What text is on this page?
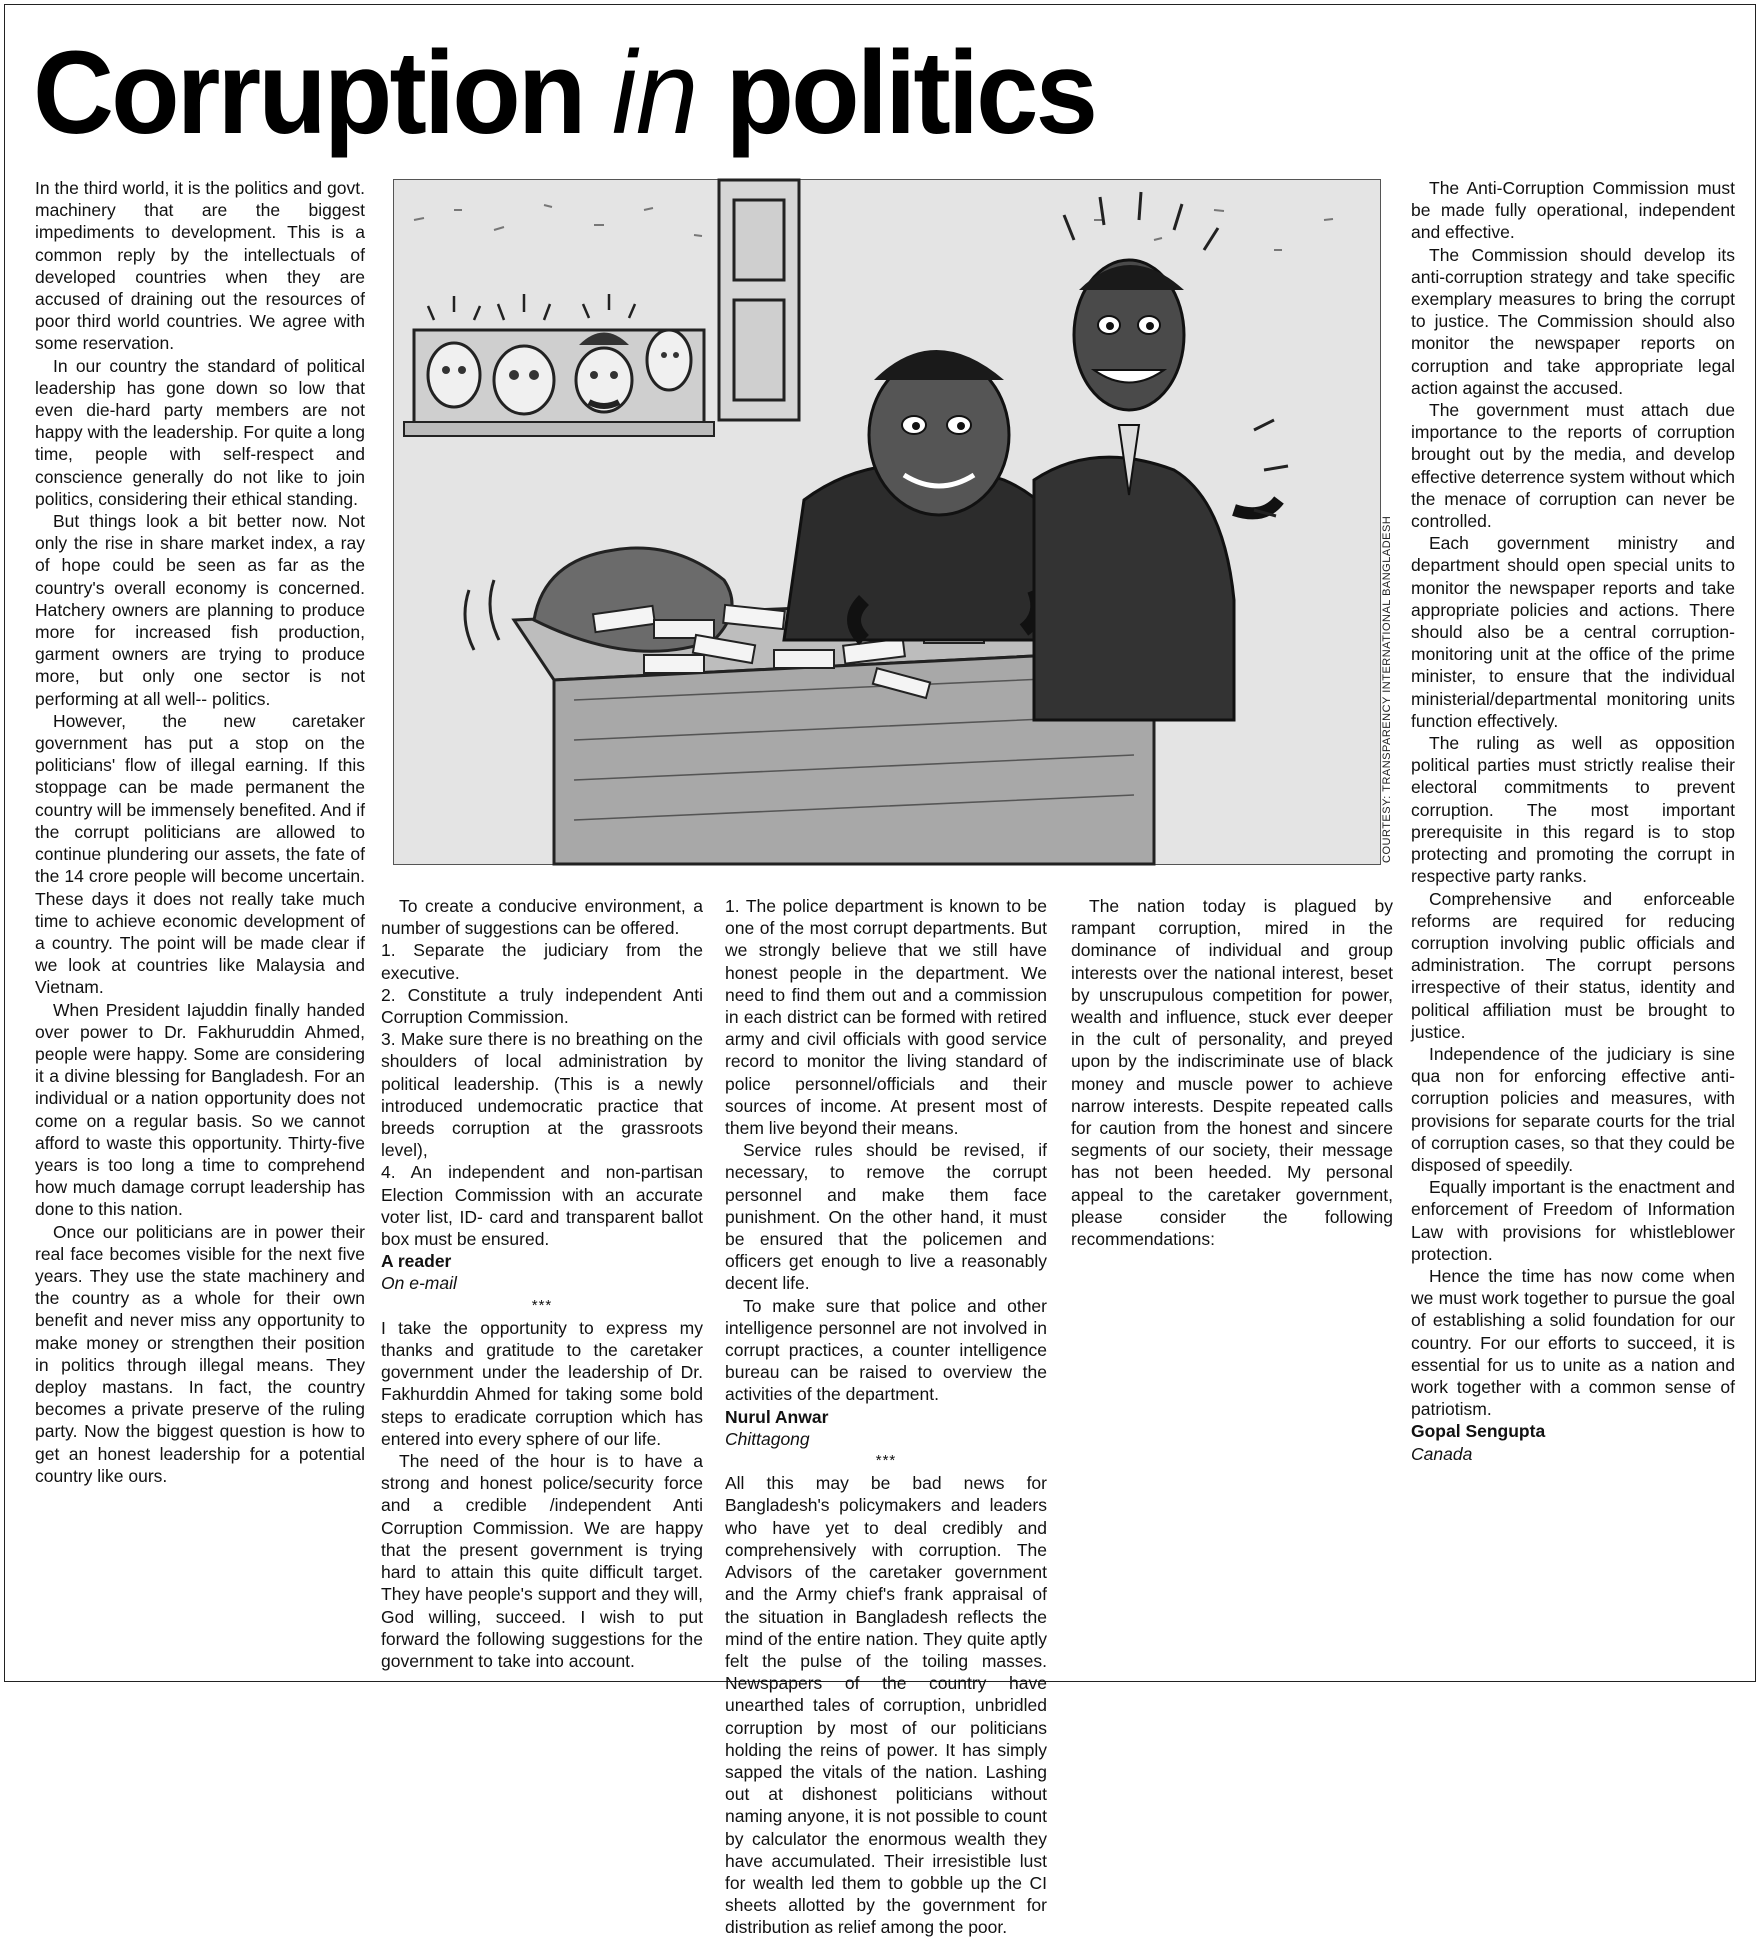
Corruption in politics

In the third world, it is the politics and govt. machinery that are the biggest impediments to development. This is a common reply by the intellectuals of developed countries when they are accused of draining out the resources of poor third world countries. We agree with some reservation.

In our country the standard of political leadership has gone down so low that even die-hard party members are not happy with the leadership. For quite a long time, people with self-respect and conscience generally do not like to join politics, considering their ethical standing.

But things look a bit better now. Not only the rise in share market index, a ray of hope could be seen as far as the country's overall economy is concerned. Hatchery owners are planning to produce more for increased fish production, garment owners are trying to produce more, but only one sector is not performing at all well-- politics.

However, the new caretaker government has put a stop on the politicians' flow of illegal earning. If this stoppage can be made permanent the country will be immensely benefited. And if the corrupt politicians are allowed to continue plundering our assets, the fate of the 14 crore people will become uncertain. These days it does not really take much time to achieve economic development of a country. The point will be made clear if we look at countries like Malaysia and Vietnam.

When President Iajuddin finally handed over power to Dr. Fakhuruddin Ahmed, people were happy. Some are considering it a divine blessing for Bangladesh. For an individual or a nation opportunity does not come on a regular basis. So we cannot afford to waste this opportunity. Thirty-five years is too long a time to comprehend how much damage corrupt leadership has done to this nation.

Once our politicians are in power their real face becomes visible for the next five years. They use the state machinery and the country as a whole for their own benefit and never miss any opportunity to make money or strengthen their position in politics through illegal means. They deploy mastans. In fact, the country becomes a private preserve of the ruling party. Now the biggest question is how to get an honest leadership for a potential country like ours.

COURTESY: TRANSPARENCY INTERNATIONAL BANGLADESH

To create a conducive environment, a number of suggestions can be offered.

1. Separate the judiciary from the executive.

2. Constitute a truly independent Anti Corruption Commission.

3. Make sure there is no breathing on the shoulders of local administration by political leadership. (This is a newly introduced undemocratic practice that breeds corruption at the grassroots level),

4. An independent and non-partisan Election Commission with an accurate voter list, ID- card and transparent ballot box must be ensured.

A reader

On e-mail

***

I take the opportunity to express my thanks and gratitude to the caretaker government under the leadership of Dr. Fakhurddin Ahmed for taking some bold steps to eradicate corruption which has entered into every sphere of our life.

The need of the hour is to have a strong and honest police/security force and a credible /independent Anti Corruption Commission. We are happy that the present government is trying hard to attain this quite difficult target. They have people's support and they will, God willing, succeed. I wish to put forward the following suggestions for the government to take into account.

1. The police department is known to be one of the most corrupt departments. But we strongly believe that we still have honest people in the department. We need to find them out and a commission in each district can be formed with retired army and civil officials with good service record to monitor the living standard of police personnel/officials and their sources of income. At present most of them live beyond their means.

Service rules should be revised, if necessary, to remove the corrupt personnel and make them face punishment. On the other hand, it must be ensured that the policemen and officers get enough to live a reasonably decent life.

To make sure that police and other intelligence personnel are not involved in corrupt practices, a counter intelligence bureau can be raised to overview the activities of the department.

Nurul Anwar

Chittagong

***

All this may be bad news for Bangladesh's policymakers and leaders who have yet to deal credibly and comprehensively with corruption. The Advisors of the caretaker government and the Army chief's frank appraisal of the situation in Bangladesh reflects the mind of the entire nation. They quite aptly felt the pulse of the toiling masses. Newspapers of the country have unearthed tales of corruption, unbridled corruption by most of our politicians holding the reins of power. It has simply sapped the vitals of the nation. Lashing out at dishonest politicians without naming anyone, it is not possible to count by calculator the enormous wealth they have accumulated. Their irresistible lust for wealth led them to gobble up the CI sheets allotted by the government for distribution as relief among the poor.

The nation today is plagued by rampant corruption, mired in the dominance of individual and group interests over the national interest, beset by unscrupulous competition for power, wealth and influence, stuck ever deeper in the cult of personality, and preyed upon by the indiscriminate use of black money and muscle power to achieve narrow interests. Despite repeated calls for caution from the honest and sincere segments of our society, their message has not been heeded. My personal appeal to the caretaker government, please consider the following recommendations:

The Anti-Corruption Commission must be made fully operational, independent and effective.

The Commission should develop its anti-corruption strategy and take specific exemplary measures to bring the corrupt to justice. The Commission should also monitor the newspaper reports on corruption and take appropriate legal action against the accused.

The government must attach due importance to the reports of corruption brought out by the media, and develop effective deterrence system without which the menace of corruption can never be controlled.

Each government ministry and department should open special units to monitor the newspaper reports and take appropriate policies and actions. There should also be a central corruption-monitoring unit at the office of the prime minister, to ensure that the individual ministerial/departmental monitoring units function effectively.

The ruling as well as opposition political parties must strictly realise their electoral commitments to prevent corruption. The most important prerequisite in this regard is to stop protecting and promoting the corrupt in respective party ranks.

Comprehensive and enforceable reforms are required for reducing corruption involving public officials and administration. The corrupt persons irrespective of their status, identity and political affiliation must be brought to justice.

Independence of the judiciary is sine qua non for enforcing effective anti-corruption policies and measures, with provisions for separate courts for the trial of corruption cases, so that they could be disposed of speedily.

Equally important is the enactment and enforcement of Freedom of Information Law with provisions for whistleblower protection.

Hence the time has now come when we must work together to pursue the goal of establishing a solid foundation for our country. For our efforts to succeed, it is essential for us to unite as a nation and work together with a common sense of patriotism.

Gopal Sengupta

Canada
